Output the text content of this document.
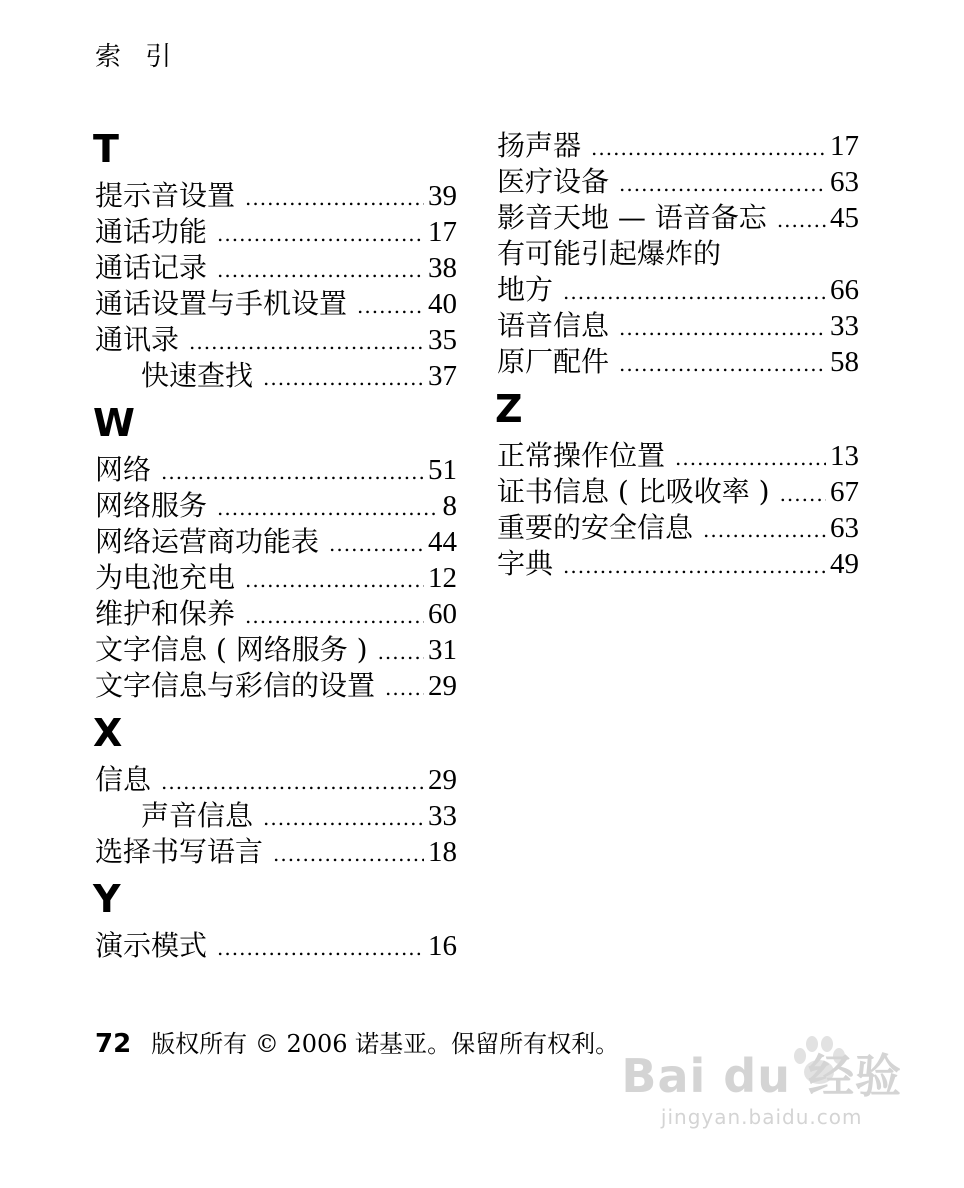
索 引
T
提示音设置 .....	39
通话功能 .....	17
通话记录 .....	38
通话设置与手机设置 .....	40
通讯录 .....	35
快速查找 .....	37
W
网络 .....	51
网络服务 .....	8
网络运营商功能表 .....	44
为电池充电 .....	12
维护和保养 .....	60
文字信息 ( 网络服务 ) ..... 31
文字信息与彩信的设置 ..... 29
X
信息 .....	29
声音信息 .....	33
选择书写语言 .....	18
Y
演示模式 .....	16
扬声器 .....	17
医疗设备 .....	63
影音天地 — 语音备忘 ..... 45
有可能引起爆炸的
地方 .....	66
语音信息 .....	33
原厂配件 .....	58
Z
正常操作位置 .....	13
证书信息 ( 比吸收率 ) ..... 67
重要的安全信息 .....	63
字典 .....	49
72 版权所有 © 2006 诺基亚。保留所有权利。
Bai du 经验
jingyan.baidu.com
